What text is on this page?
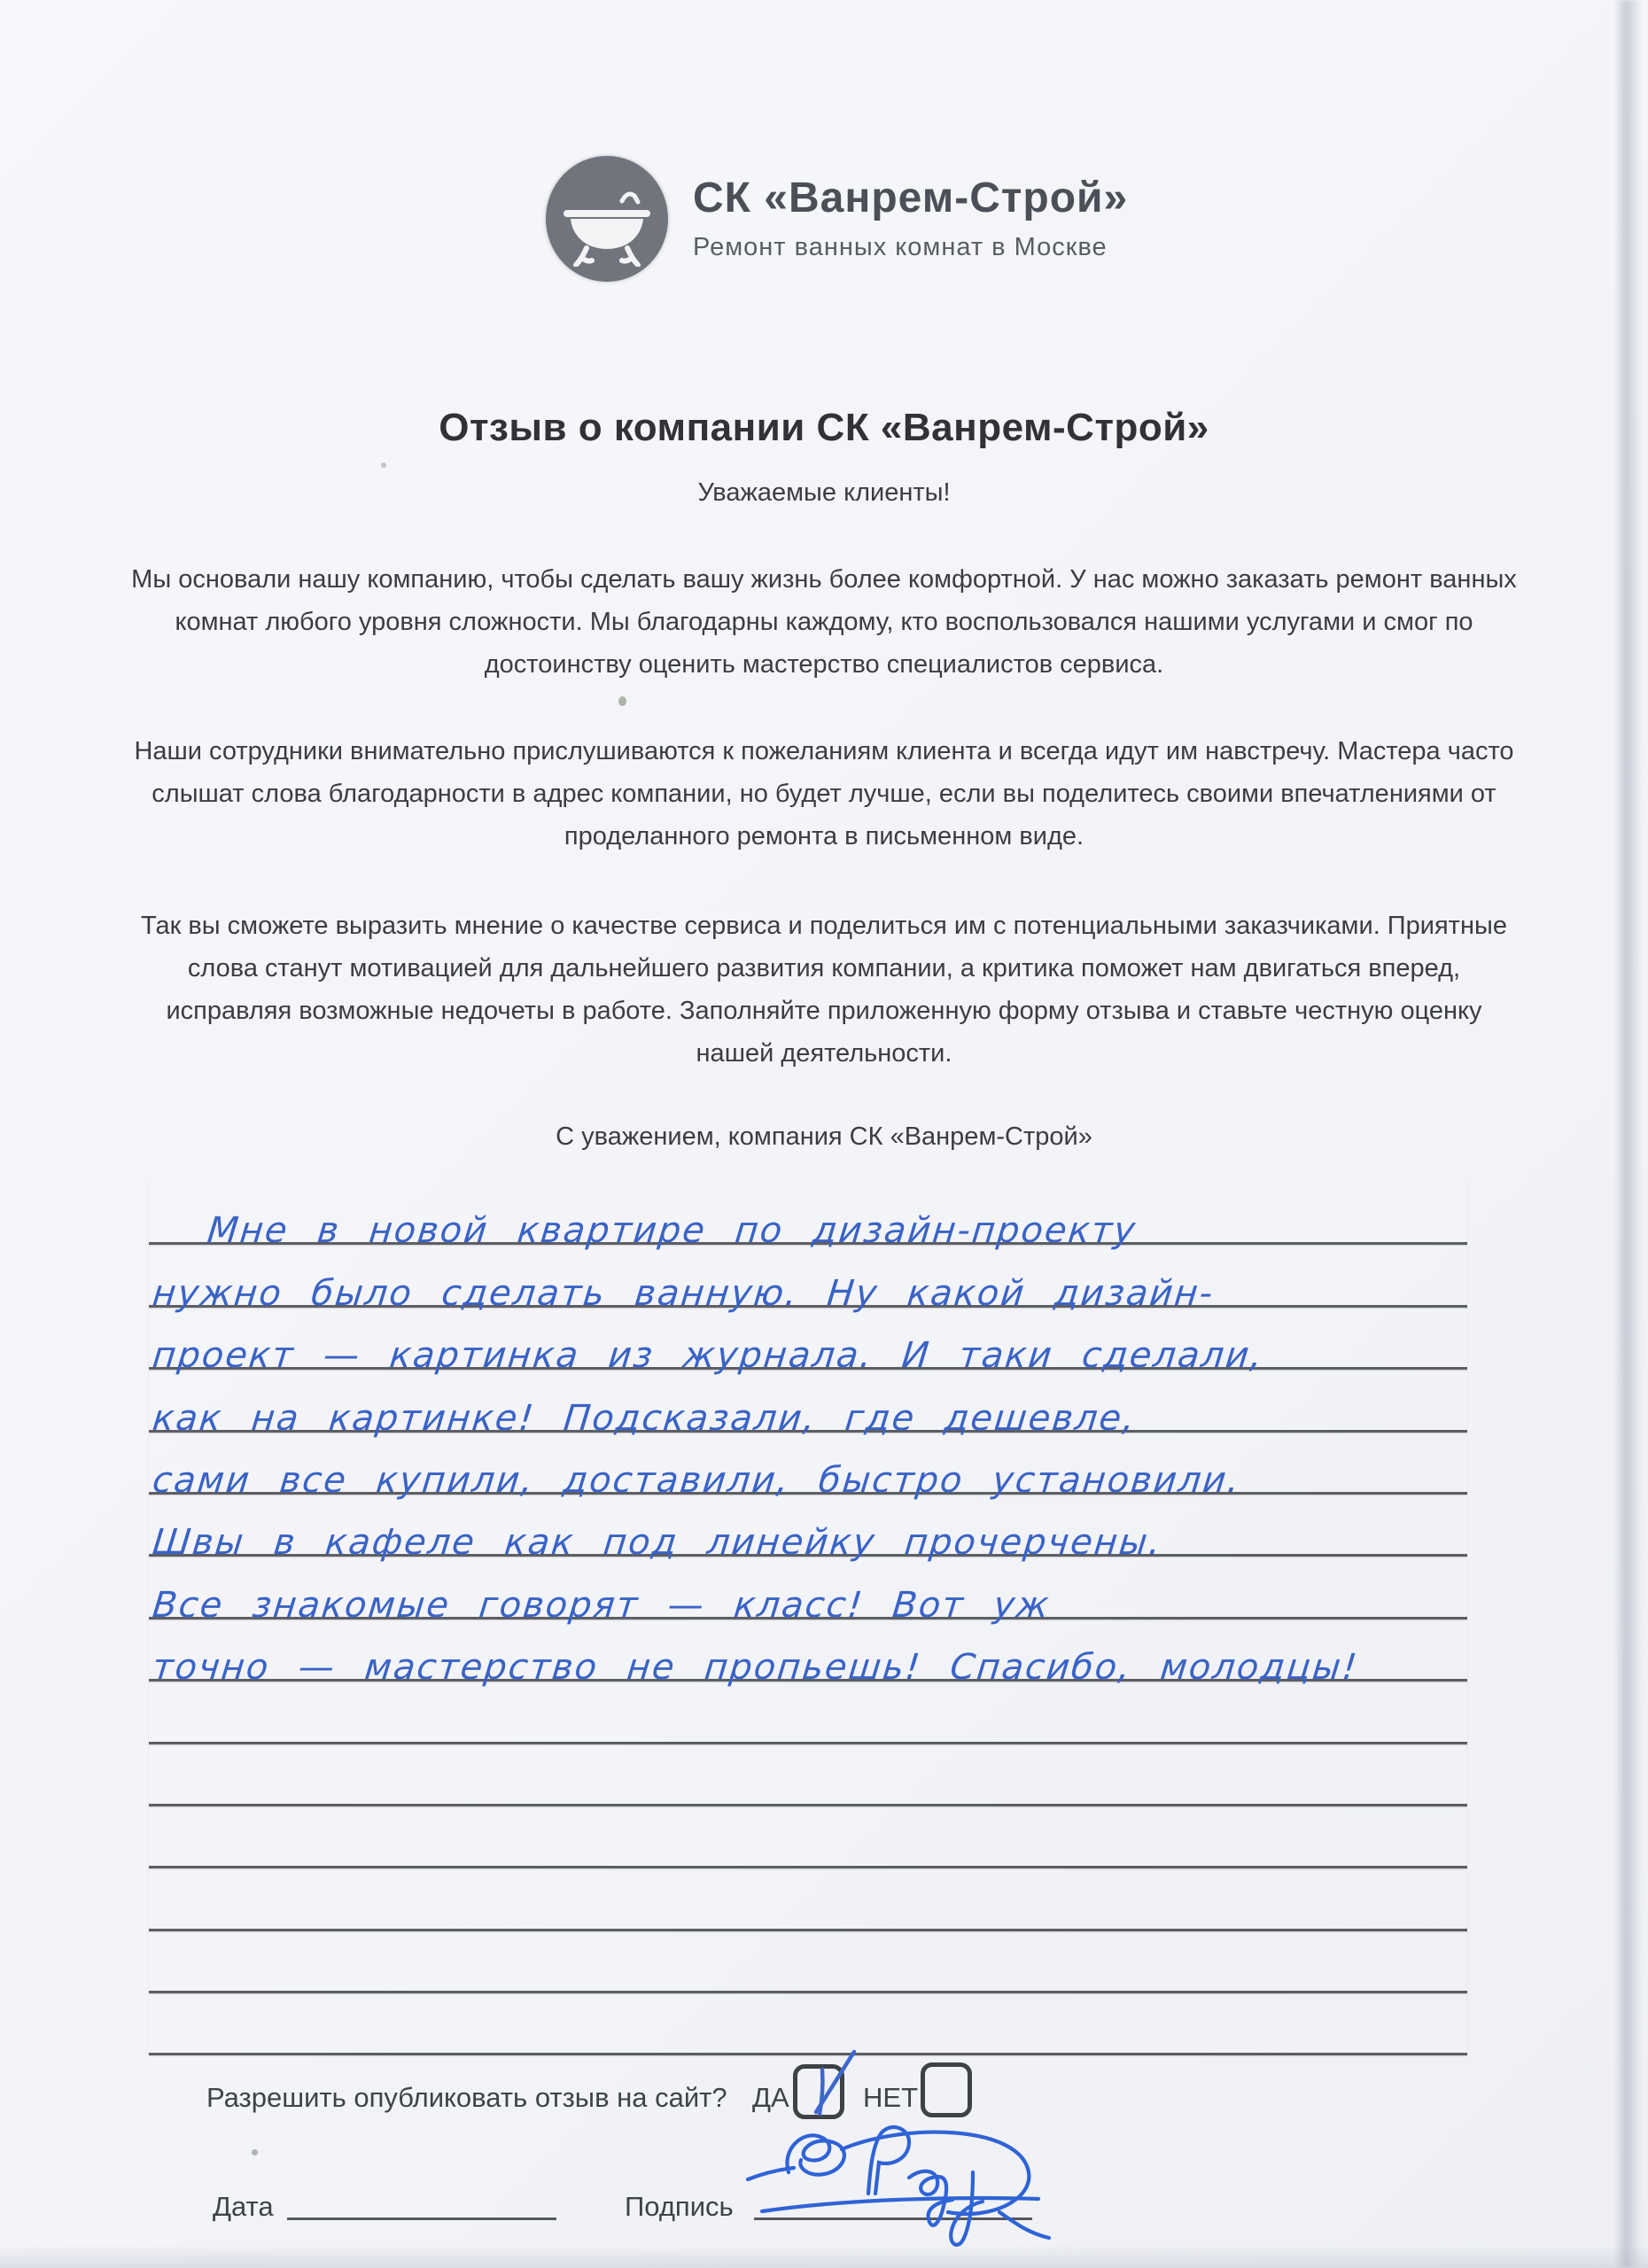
СК «Ванрем-Строй»
Ремонт ванных комнат в Москве
Отзыв о компании СК «Ванрем-Строй»
Уважаемые клиенты!

Мы основали нашу компанию, чтобы сделать вашу жизнь более комфортной. У нас можно заказать ремонт ванных комнат любого уровня сложности. Мы благодарны каждому, кто воспользовался нашими услугами и смог по достоинству оценить мастерство специалистов сервиса.

Наши сотрудники внимательно прислушиваются к пожеланиям клиента и всегда идут им навстречу. Мастера часто слышат слова благодарности в адрес компании, но будет лучше, если вы поделитесь своими впечатлениями от проделанного ремонта в письменном виде.

Так вы сможете выразить мнение о качестве сервиса и поделиться им с потенциальными заказчиками. Приятные слова станут мотивацией для дальнейшего развития компании, а критика поможет нам двигаться вперед, исправляя возможные недочеты в работе. Заполняйте приложенную форму отзыва и ставьте честную оценку нашей деятельности.

С уважением, компания СК «Ванрем-Строй»

Мне в новой квартире по дизайн-проекту
нужно было сделать ванную. Ну какой дизайн-
проект — картинка из журнала. И таки сделали,
как на картинке! Подсказали, где дешевле,
сами все купили, доставили, быстро установили.
Швы в кафеле как под линейку прочерчены.
Все знакомые говорят — класс! Вот уж
точно — мастерство не пропьешь! Спасибо, молодцы!
Разрешить опубликовать отзыв на сайт? ДА	НЕТ
Дата	Подпись
